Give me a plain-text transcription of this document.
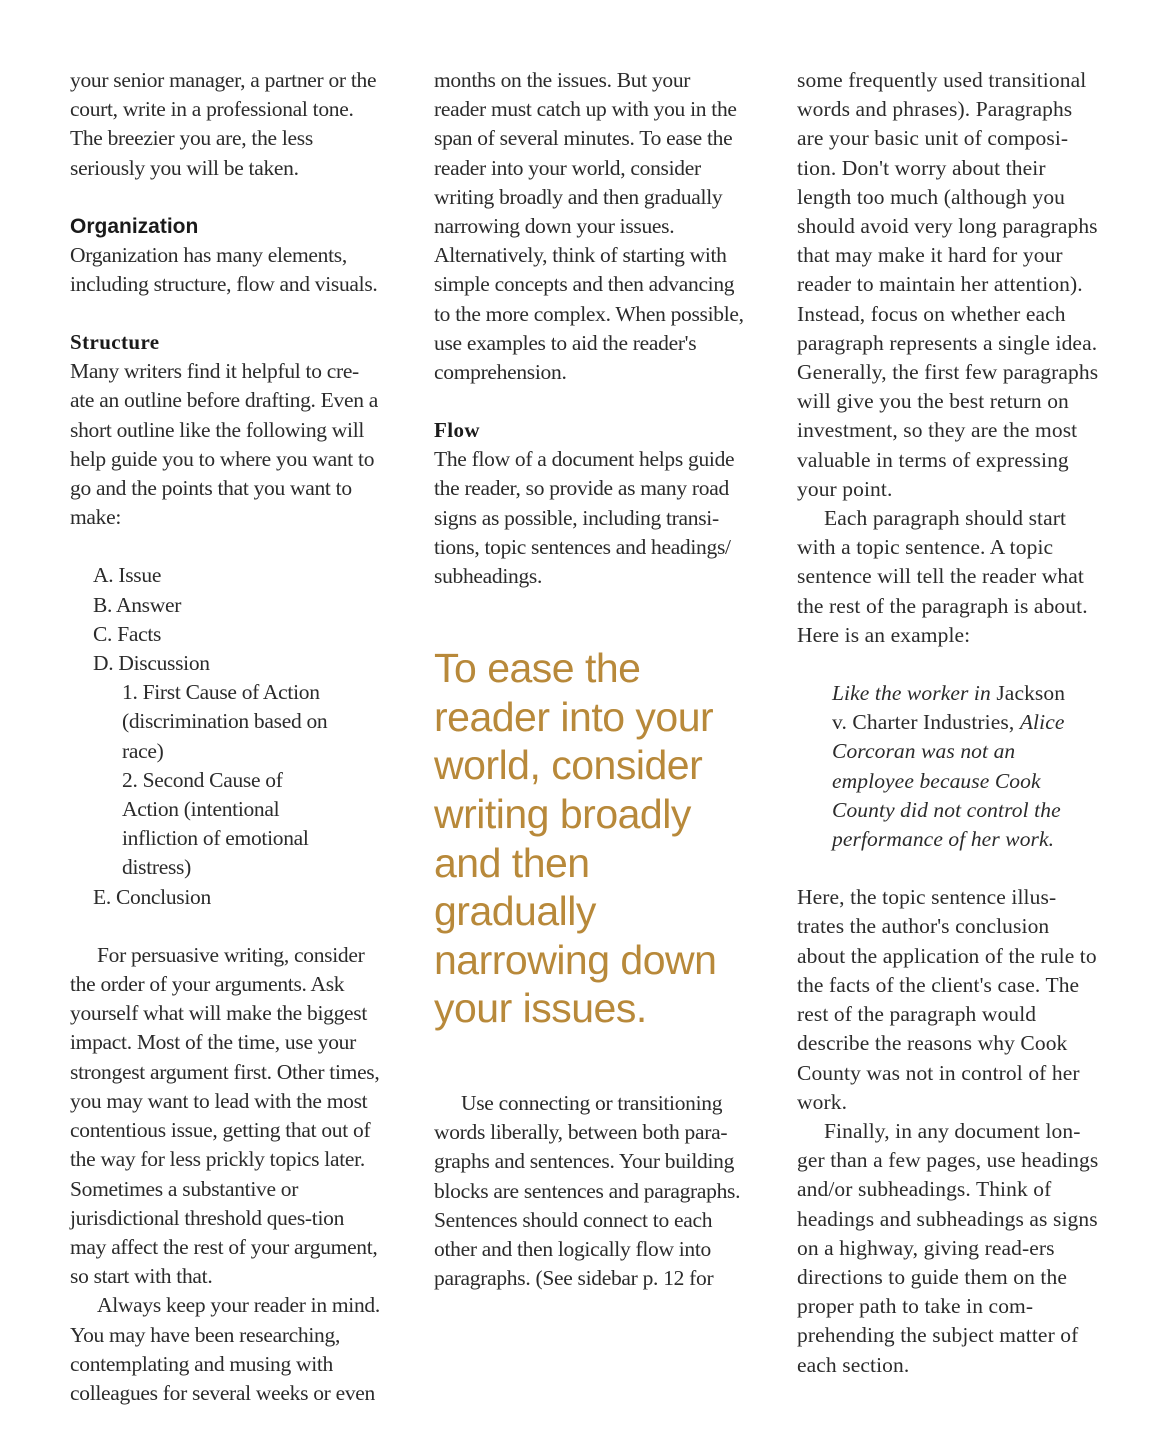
your senior manager, a partner or the court, write in a professional tone. The breezier you are, the less seriously you will be taken.

Organization

Organization has many elements, including structure, flow and visuals.

Structure

Many writers find it helpful to cre-ate an outline before drafting. Even a short outline like the following will help guide you to where you want to go and the points that you want to make:

A. Issue
B. Answer
C. Facts
D. Discussion
1. First Cause of Action (discrimination based on race)
2. Second Cause of Action (intentional infliction of emotional distress)
E. Conclusion

For persuasive writing, consider the order of your arguments. Ask yourself what will make the biggest impact. Most of the time, use your strongest argument first. Other times, you may want to lead with the most contentious issue, getting that out of the way for less prickly topics later. Sometimes a substantive or jurisdictional threshold ques-tion may affect the rest of your argument, so start with that.

Always keep your reader in mind. You may have been researching, contemplating and musing with colleagues for several weeks or even

months on the issues. But your reader must catch up with you in the span of several minutes. To ease the reader into your world, consider writing broadly and then gradually narrowing down your issues. Alternatively, think of starting with simple concepts and then advancing to the more complex. When possible, use examples to aid the reader's comprehension.

Flow

The flow of a document helps guide the reader, so provide as many road signs as possible, including transi-tions, topic sentences and headings/ subheadings.

To ease the reader into your world, consider writing broadly and then gradually narrowing down your issues.

Use connecting or transitioning words liberally, between both para-graphs and sentences. Your building blocks are sentences and paragraphs. Sentences should connect to each other and then logically flow into paragraphs. (See sidebar p. 12 for

some frequently used transitional words and phrases). Paragraphs are your basic unit of composi-tion. Don't worry about their length too much (although you should avoid very long paragraphs that may make it hard for your reader to maintain her attention). Instead, focus on whether each paragraph represents a single idea. Generally, the first few paragraphs will give you the best return on investment, so they are the most valuable in terms of expressing your point.

Each paragraph should start with a topic sentence. A topic sentence will tell the reader what the rest of the paragraph is about. Here is an example:

Like the worker in Jackson v. Charter Industries, Alice Corcoran was not an employee because Cook County did not control the performance of her work.

Here, the topic sentence illus-trates the author's conclusion about the application of the rule to the facts of the client's case. The rest of the paragraph would describe the reasons why Cook County was not in control of her work.

Finally, in any document lon-ger than a few pages, use headings and/or subheadings. Think of headings and subheadings as signs on a highway, giving read-ers directions to guide them on the proper path to take in com-prehending the subject matter of each section.
